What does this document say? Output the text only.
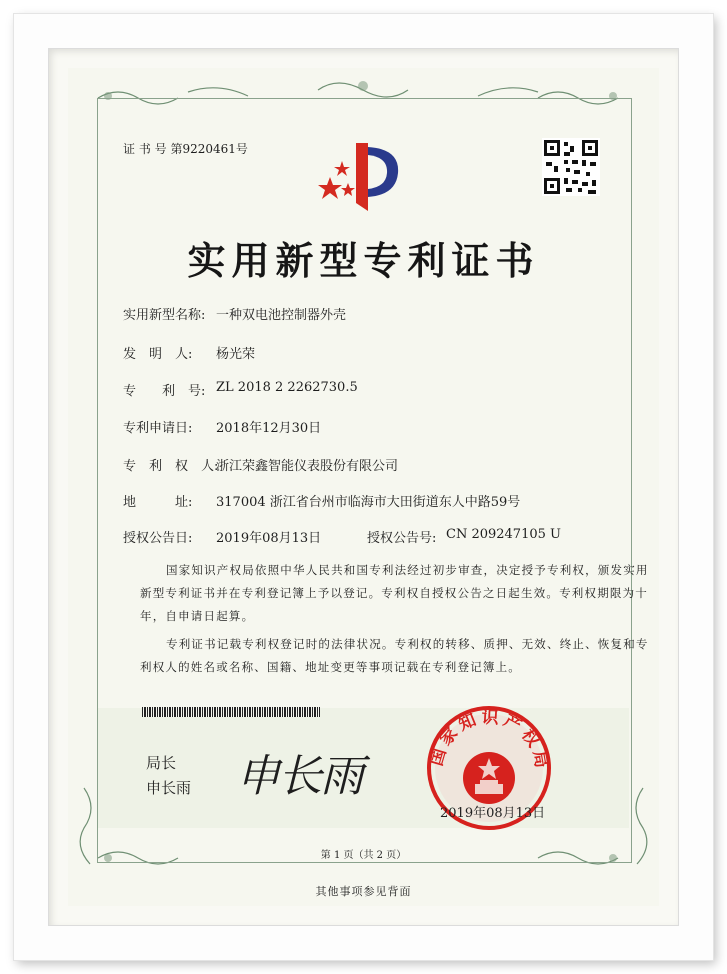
证 书 号 第9220461号
实用新型专利证书
实用新型名称: 一种双电池控制器外壳
发　明　人: 杨光荣
专　　利　号: ZL 2018 2 2262730.5
专利申请日: 2018年12月30日
专　利　权　人:
浙江荣鑫智能仪表股份有限公司
地　　　址: 317004 浙江省台州市临海市大田街道东人中路59号
授权公告日: 2019年08月13日	授权公告号: CN 209247105 U
国家知识产权局依照中华人民共和国专利法经过初步审查，决定授予专利权，颁发实用
新型专利证书并在专利登记簿上予以登记。专利权自授权公告之日起生效。专利权期限为十
年，自申请日起算。
专利证书记载专利权登记时的法律状况。专利权的转移、质押、无效、终止、恢复和专
利权人的姓名或名称、国籍、地址变更等事项记载在专利登记簿上。
局长
申长雨 申长雨	国家知识产权局
2019年08月13日
第 1 页（共 2 页）
其他事项参见背面
